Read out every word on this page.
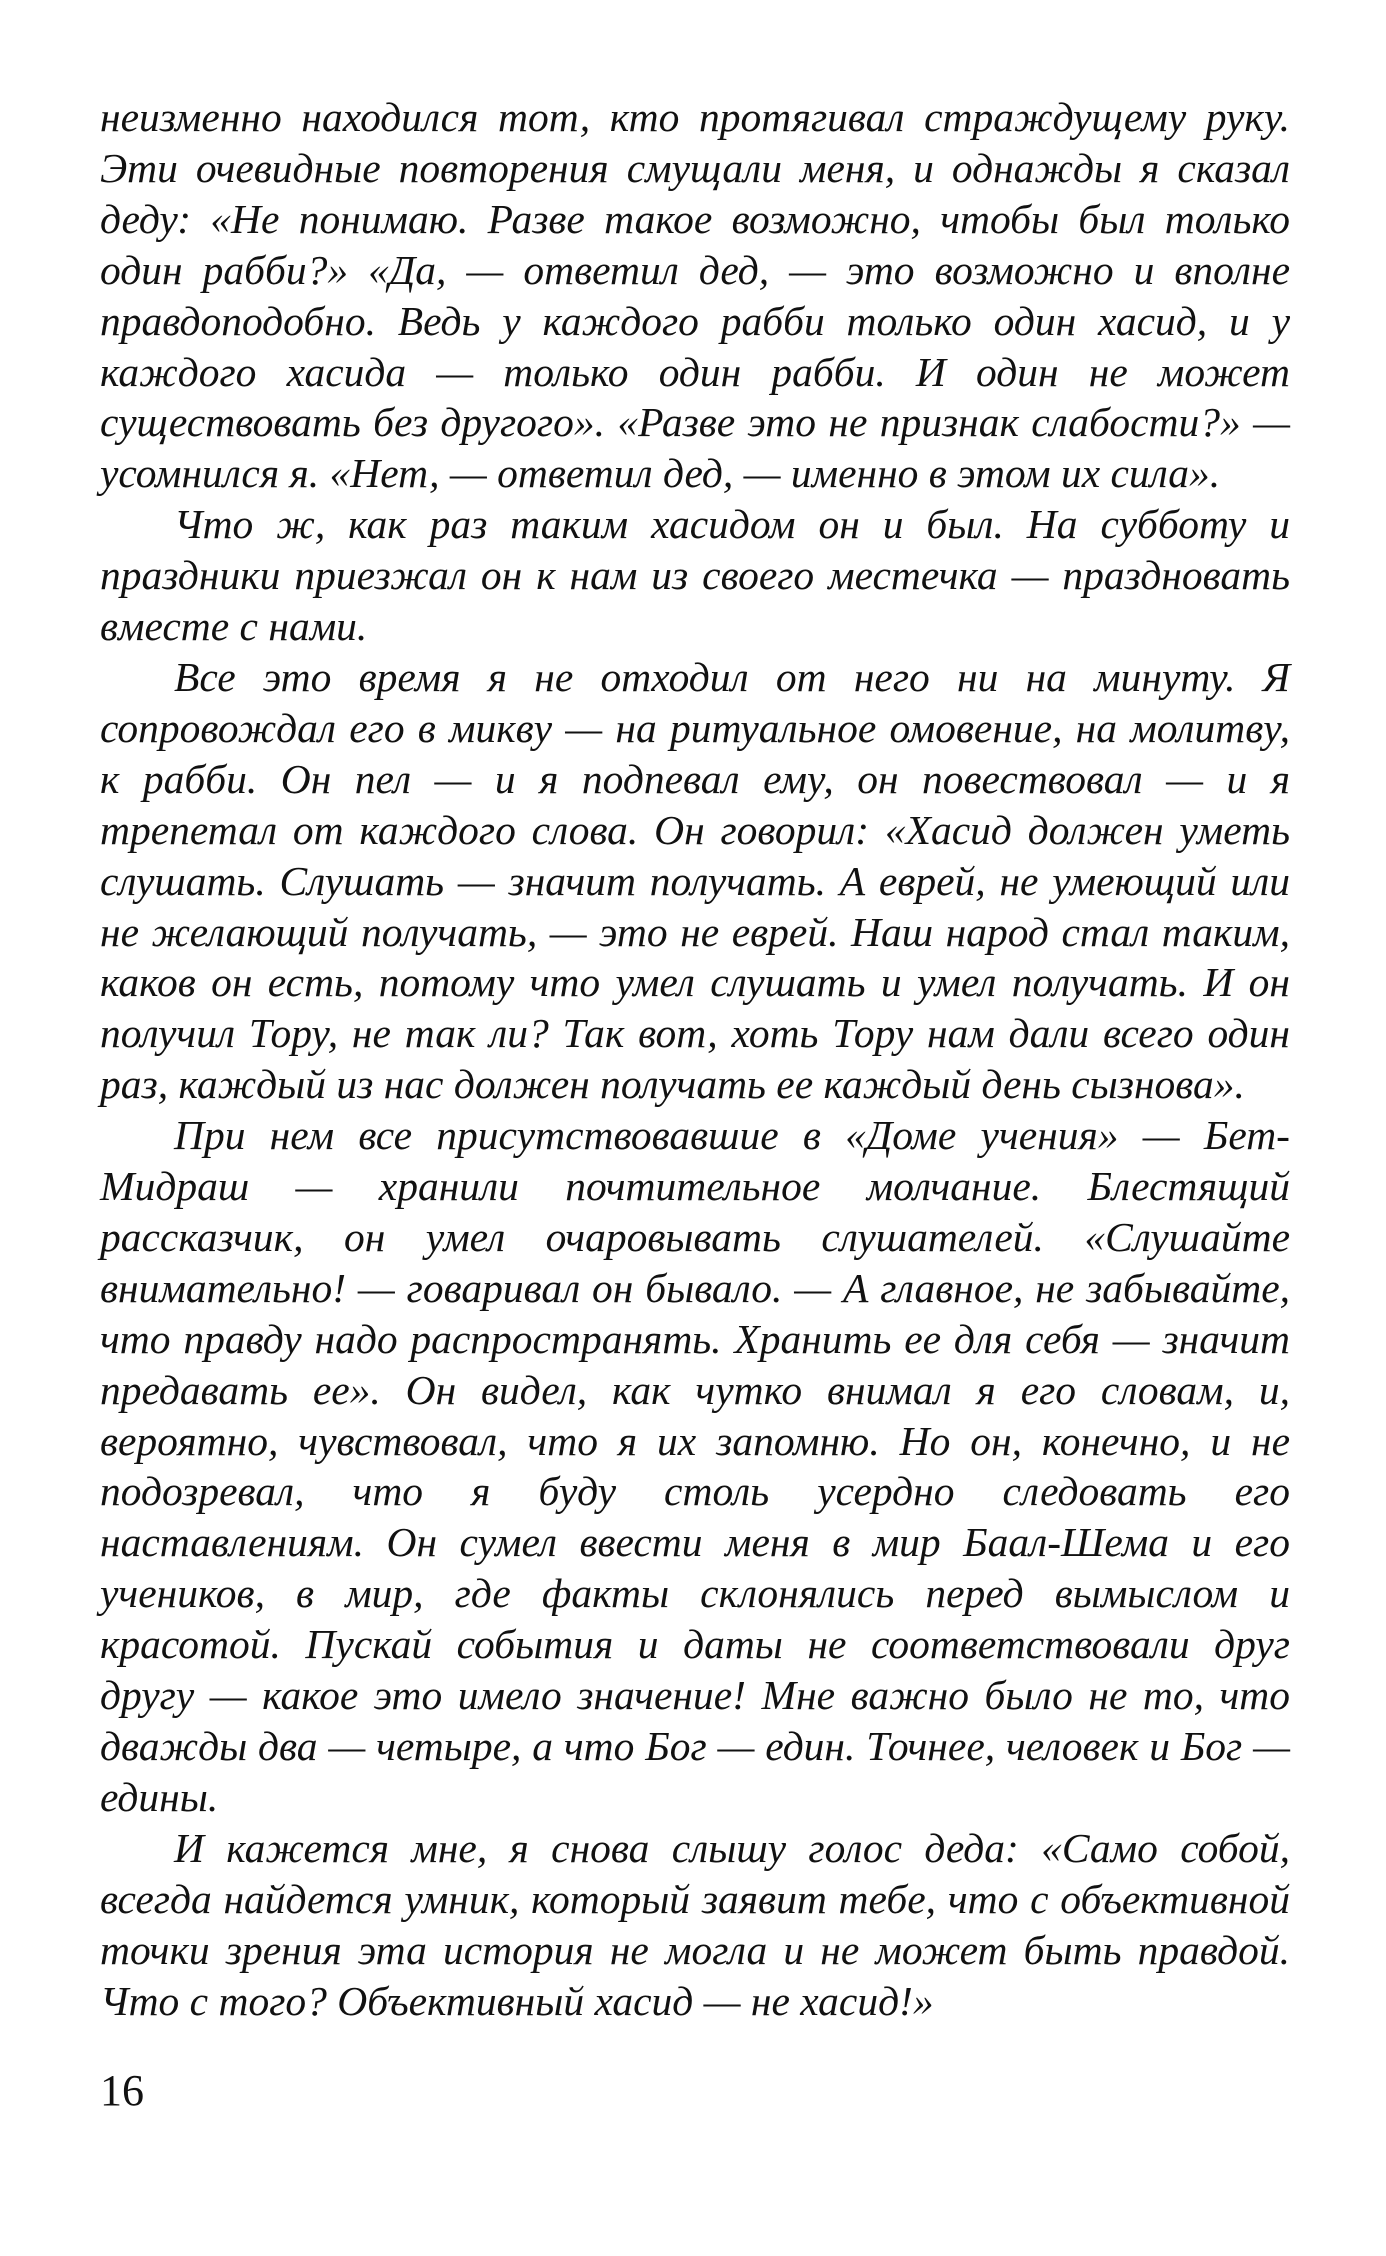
неизменно находился тот, кто протягивал страждущему руку. Эти очевидные повторения смущали меня, и однажды я сказал деду: «Не понимаю. Разве такое возможно, чтобы был только один рабби?» «Да, — ответил дед, — это возможно и вполне правдоподобно. Ведь у каждого рабби только один хасид, и у каждого хасида — только один рабби. И один не может существовать без другого». «Разве это не признак слабости?» — усомнился я. «Нет, — ответил дед, — именно в этом их сила».

Что ж, как раз таким хасидом он и был. На субботу и праздники приезжал он к нам из своего местечка — праздновать вместе с нами.

Все это время я не отходил от него ни на минуту. Я сопровождал его в микву — на ритуальное омовение, на молитву, к рабби. Он пел — и я подпевал ему, он повествовал — и я трепетал от каждого слова. Он говорил: «Хасид должен уметь слушать. Слушать — значит получать. А еврей, не умеющий или не желающий получать, — это не еврей. Наш народ стал таким, каков он есть, потому что умел слушать и умел получать. И он получил Тору, не так ли? Так вот, хоть Тору нам дали всего один раз, каждый из нас должен получать ее каждый день сызнова».

При нем все присутствовавшие в «Доме учения» — Бет-Мидраш — хранили почтительное молчание. Блестящий рассказчик, он умел очаровывать слушателей. «Слушайте внимательно! — говаривал он бывало. — А главное, не забывайте, что правду надо распространять. Хранить ее для себя — значит предавать ее». Он видел, как чутко внимал я его словам, и, вероятно, чувствовал, что я их запомню. Но он, конечно, и не подозревал, что я буду столь усердно следовать его наставлениям. Он сумел ввести меня в мир Баал-Шема и его учеников, в мир, где факты склонялись перед вымыслом и красотой. Пускай события и даты не соответствовали друг другу — какое это имело значение! Мне важно было не то, что дважды два — четыре, а что Бог — един. Точнее, человек и Бог — едины.

И кажется мне, я снова слышу голос деда: «Само собой, всегда найдется умник, который заявит тебе, что с объективной точки зрения эта история не могла и не может быть правдой. Что с того? Объективный хасид — не хасид!»

16
